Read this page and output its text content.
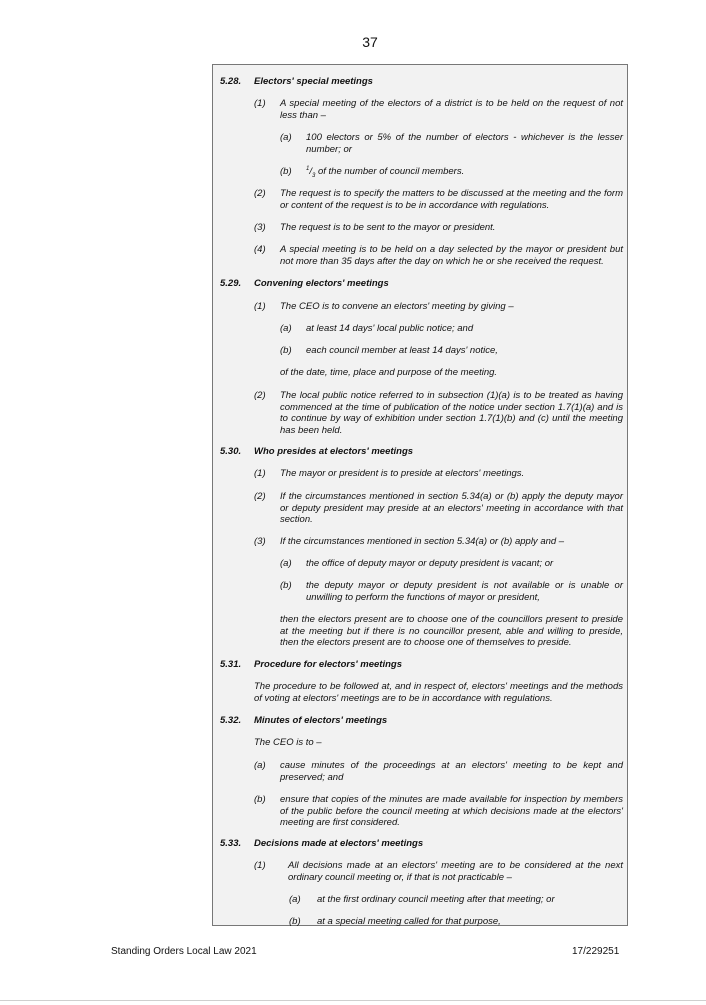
37
5.28. Electors' special meetings
(1) A special meeting of the electors of a district is to be held on the request of not less than –
(a) 100 electors or 5% of the number of electors - whichever is the lesser number; or
(b) $^1/_3$ of the number of council members.
(2) The request is to specify the matters to be discussed at the meeting and the form or content of the request is to be in accordance with regulations.
(3) The request is to be sent to the mayor or president.
(4) A special meeting is to be held on a day selected by the mayor or president but not more than 35 days after the day on which he or she received the request.
5.29. Convening electors' meetings
(1) The CEO is to convene an electors' meeting by giving –
(a) at least 14 days' local public notice; and
(b) each council member at least 14 days' notice,
of the date, time, place and purpose of the meeting.
(2) The local public notice referred to in subsection (1)(a) is to be treated as having commenced at the time of publication of the notice under section 1.7(1)(a) and is to continue by way of exhibition under section 1.7(1)(b) and (c) until the meeting has been held.
5.30. Who presides at electors' meetings
(1) The mayor or president is to preside at electors' meetings.
(2) If the circumstances mentioned in section 5.34(a) or (b) apply the deputy mayor or deputy president may preside at an electors' meeting in accordance with that section.
(3) If the circumstances mentioned in section 5.34(a) or (b) apply and –
(a) the office of deputy mayor or deputy president is vacant; or
(b) the deputy mayor or deputy president is not available or is unable or unwilling to perform the functions of mayor or president,
then the electors present are to choose one of the councillors present to preside at the meeting but if there is no councillor present, able and willing to preside, then the electors present are to choose one of themselves to preside.
5.31. Procedure for electors' meetings
The procedure to be followed at, and in respect of, electors' meetings and the methods of voting at electors' meetings are to be in accordance with regulations.
5.32. Minutes of electors' meetings
The CEO is to –
(a) cause minutes of the proceedings at an electors' meeting to be kept and preserved; and
(b) ensure that copies of the minutes are made available for inspection by members of the public before the council meeting at which decisions made at the electors' meeting are first considered.
5.33. Decisions made at electors' meetings
(1) All decisions made at an electors' meeting are to be considered at the next ordinary council meeting or, if that is not practicable –
(a) at the first ordinary council meeting after that meeting; or
(b) at a special meeting called for that purpose,
Standing Orders Local Law 2021	17/229251
